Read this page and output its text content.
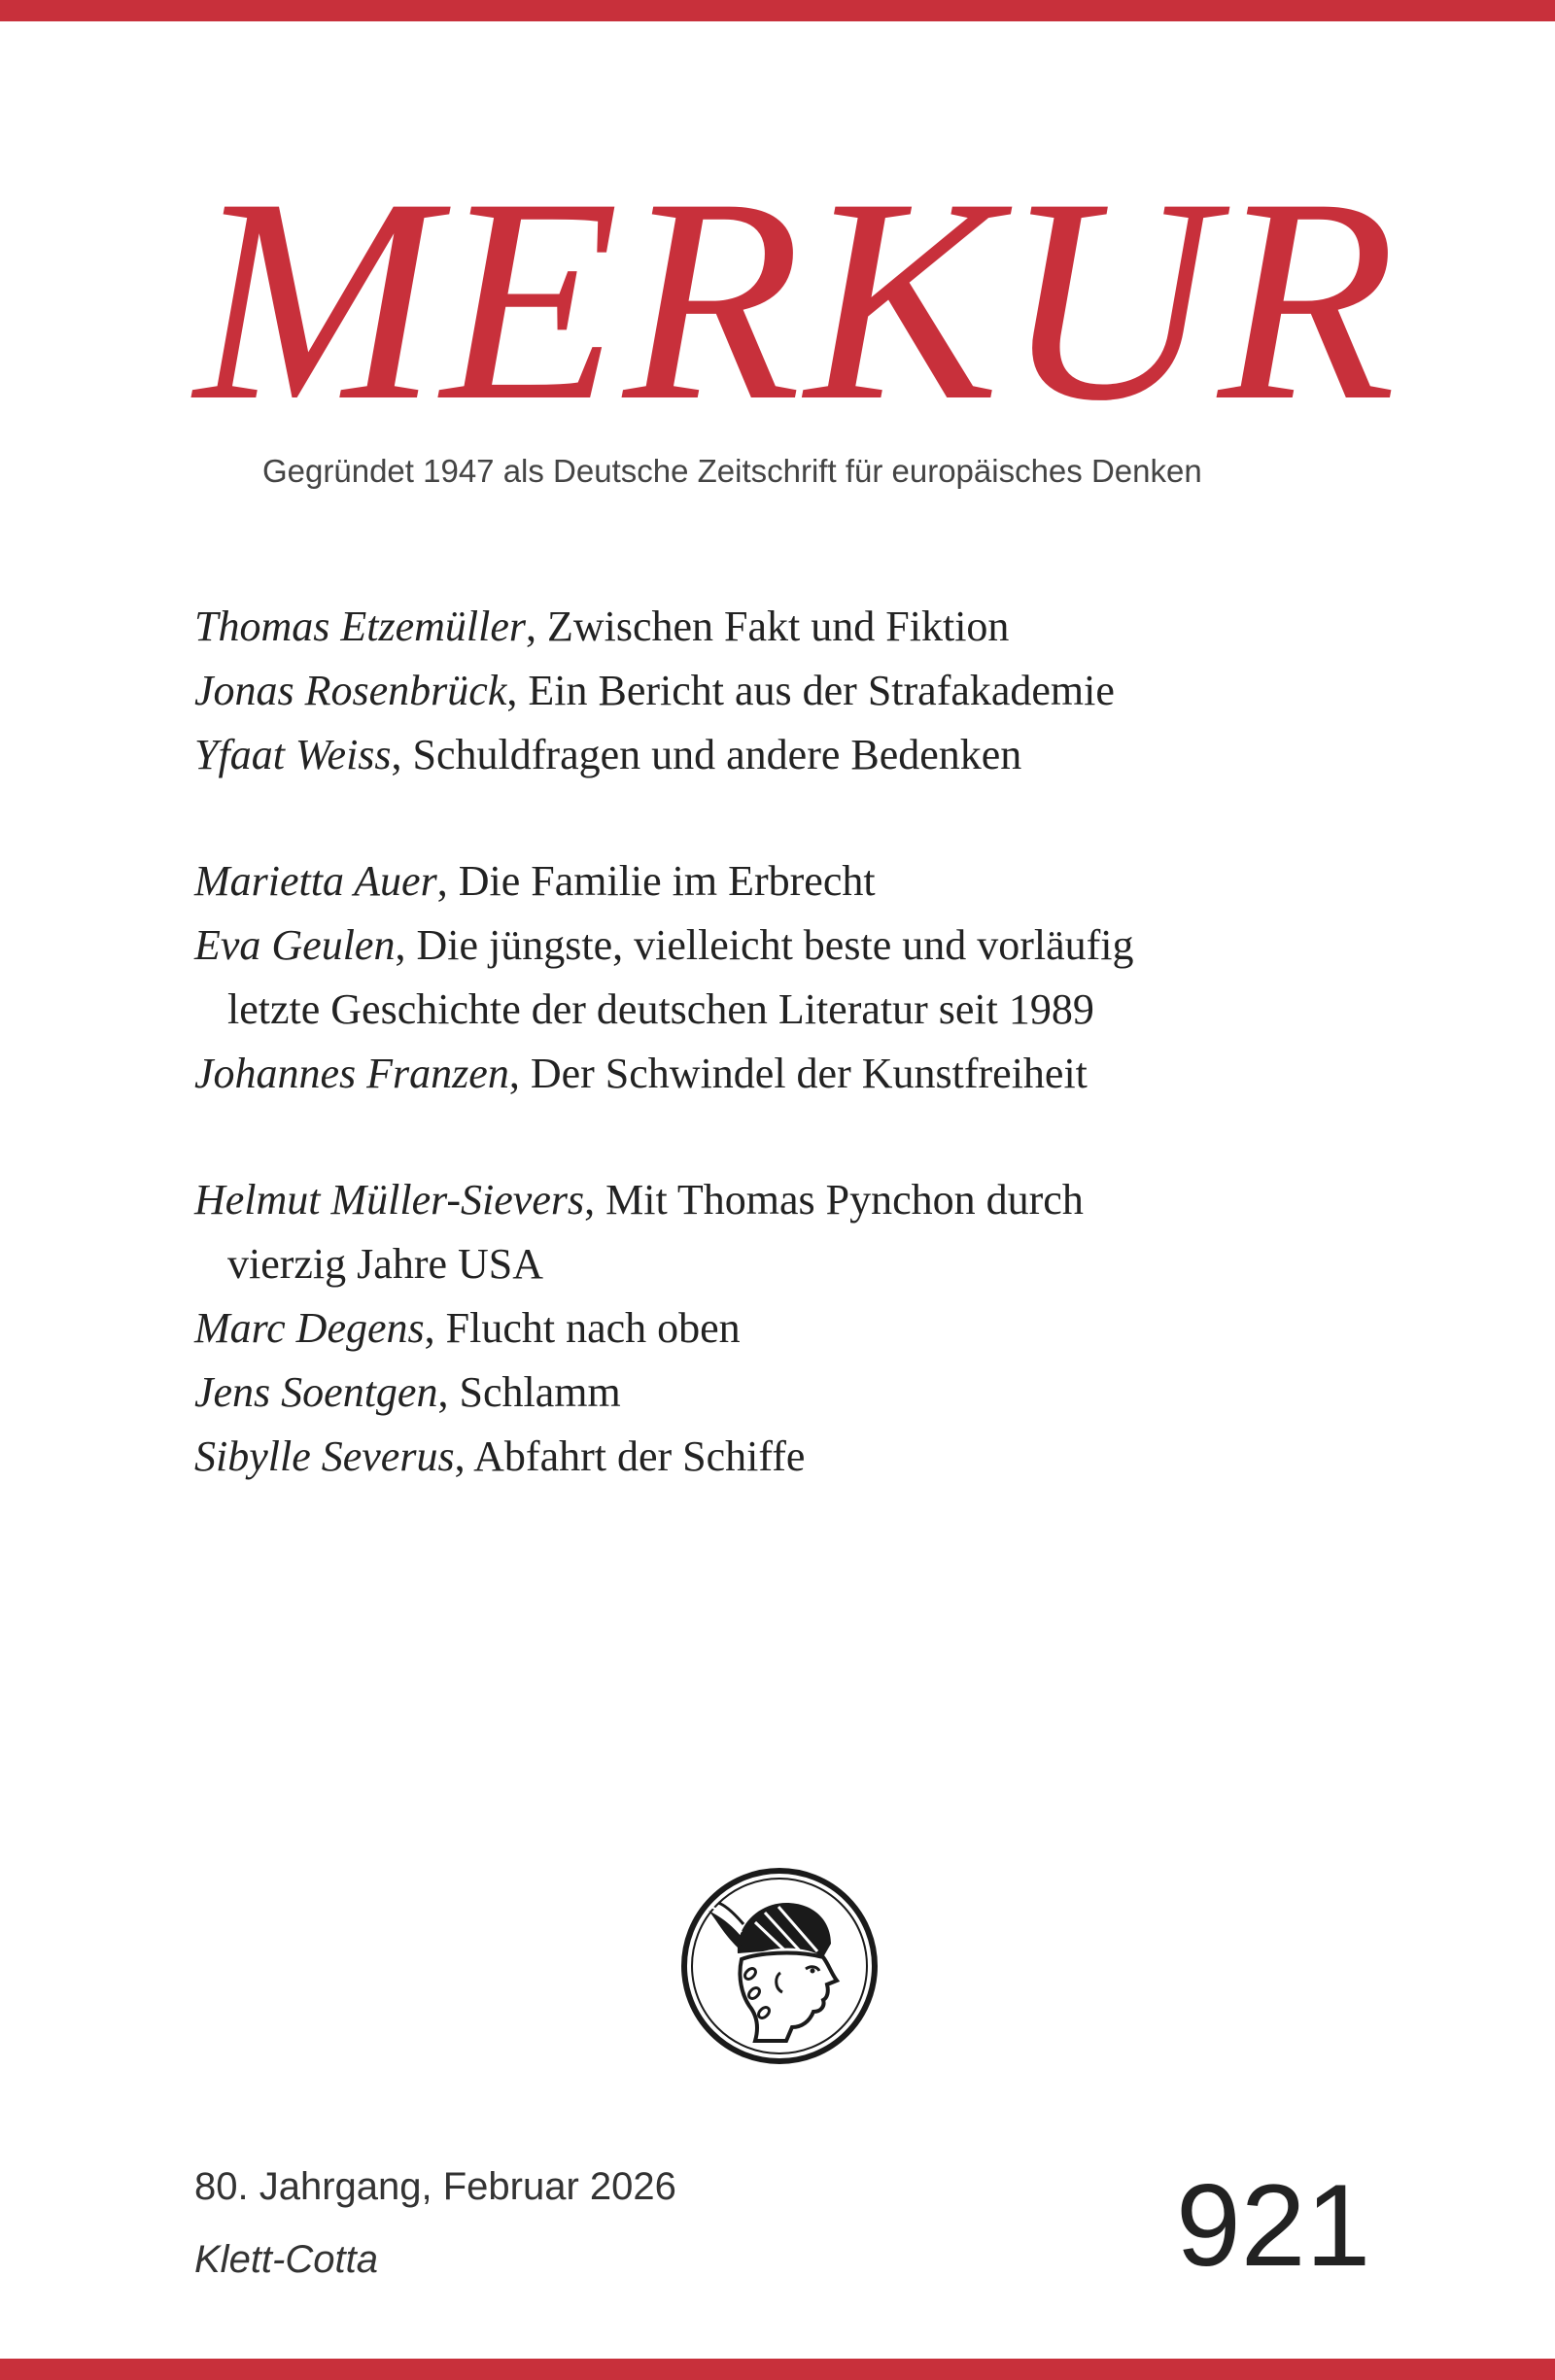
MERKUR
Gegründet 1947 als Deutsche Zeitschrift für europäisches Denken
Thomas Etzemüller, Zwischen Fakt und Fiktion
Jonas Rosenbrück, Ein Bericht aus der Strafakademie
Yfaat Weiss, Schuldfragen und andere Bedenken
Marietta Auer, Die Familie im Erbrecht
Eva Geulen, Die jüngste, vielleicht beste und vorläufig
letzte Geschichte der deutschen Literatur seit 1989
Johannes Franzen, Der Schwindel der Kunstfreiheit
Helmut Müller-Sievers, Mit Thomas Pynchon durch
vierzig Jahre USA
Marc Degens, Flucht nach oben
Jens Soentgen, Schlamm
Sibylle Severus, Abfahrt der Schiffe
80. Jahrgang, Februar 2026
Klett-Cotta	921
